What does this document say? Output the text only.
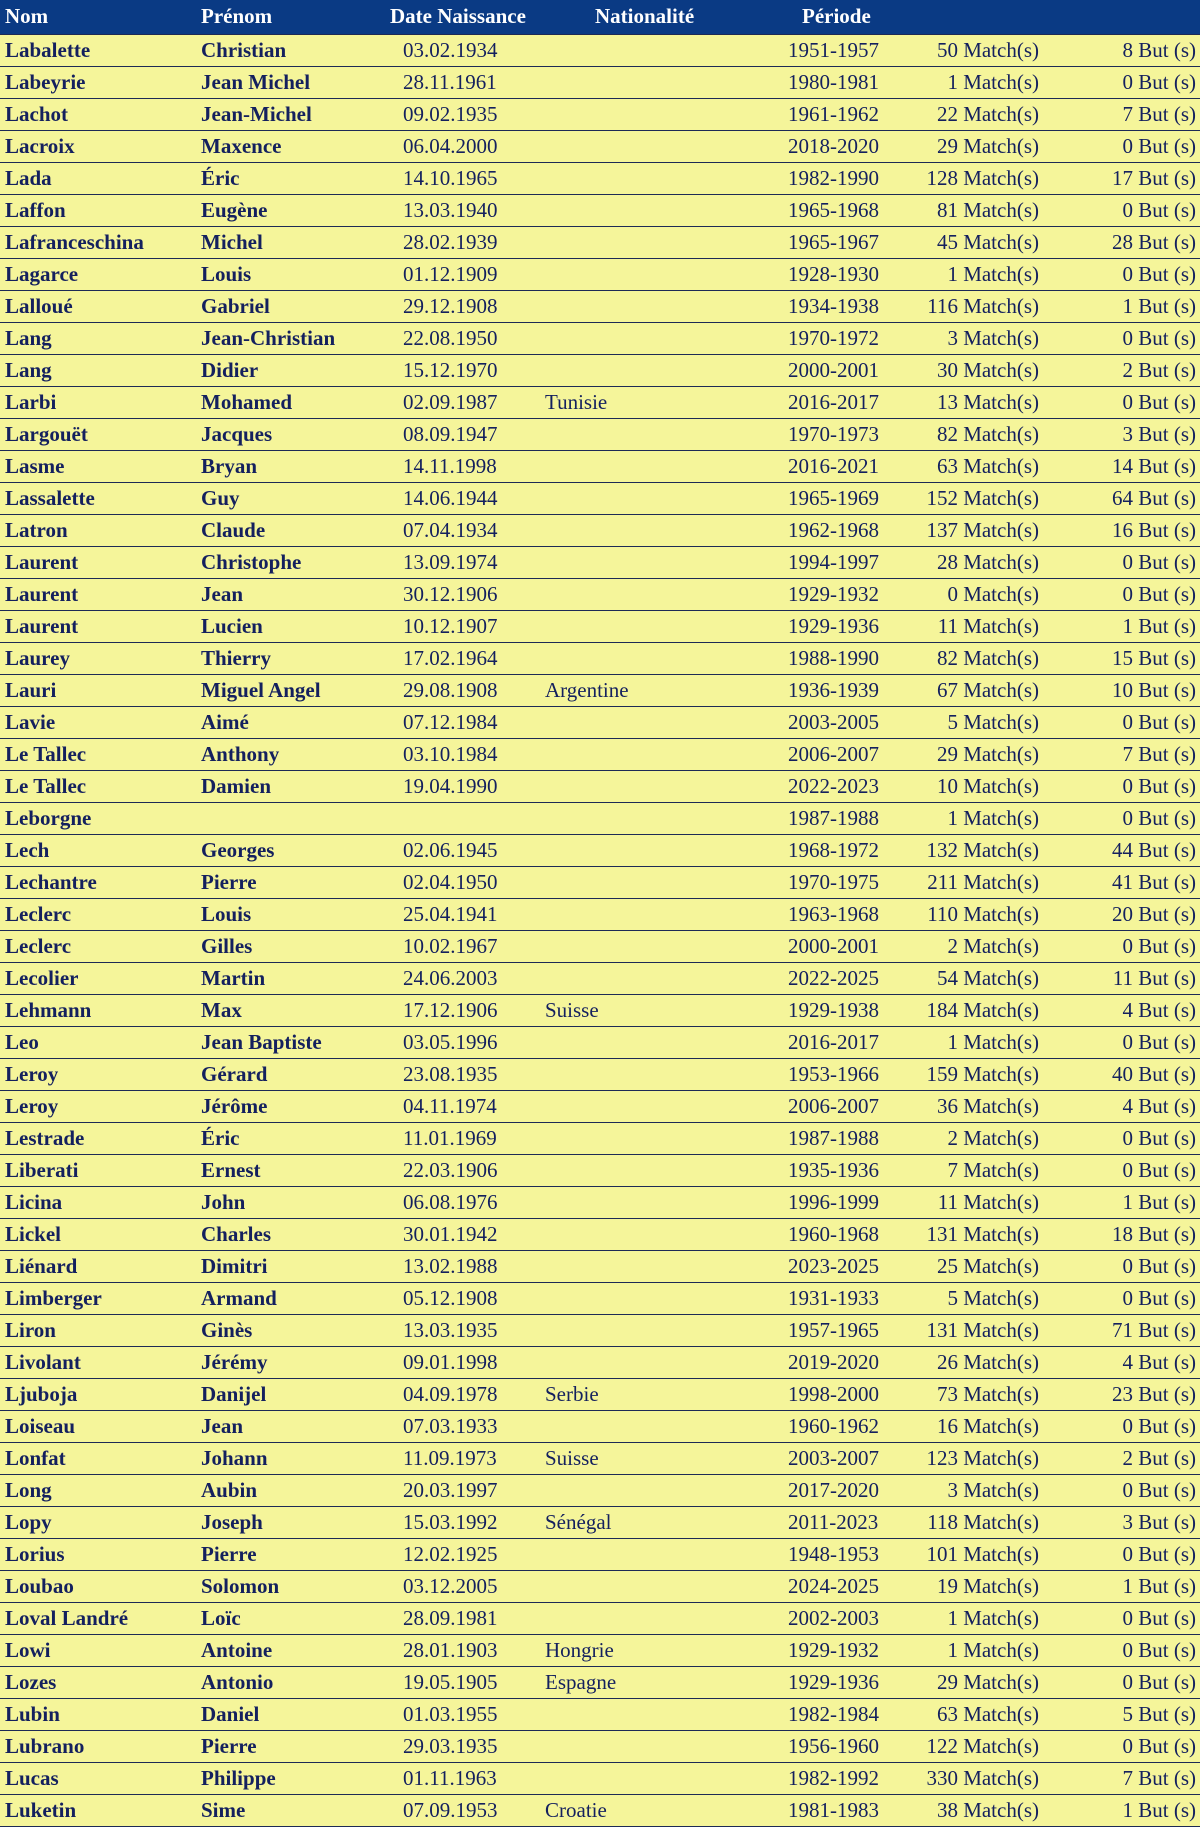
Nom	Prénom	Date Naissance	Nationalité	Période		
Labalette	Christian	03.02.1934		1951-1957	50 Match(s)	8 But (s)
Labeyrie	Jean Michel	28.11.1961		1980-1981	1 Match(s)	0 But (s)
Lachot	Jean-Michel	09.02.1935		1961-1962	22 Match(s)	7 But (s)
Lacroix	Maxence	06.04.2000		2018-2020	29 Match(s)	0 But (s)
Lada	Éric	14.10.1965		1982-1990	128 Match(s)	17 But (s)
Laffon	Eugène	13.03.1940		1965-1968	81 Match(s)	0 But (s)
Lafranceschina	Michel	28.02.1939		1965-1967	45 Match(s)	28 But (s)
Lagarce	Louis	01.12.1909		1928-1930	1 Match(s)	0 But (s)
Lalloué	Gabriel	29.12.1908		1934-1938	116 Match(s)	1 But (s)
Lang	Jean-Christian	22.08.1950		1970-1972	3 Match(s)	0 But (s)
Lang	Didier	15.12.1970		2000-2001	30 Match(s)	2 But (s)
Larbi	Mohamed	02.09.1987	Tunisie	2016-2017	13 Match(s)	0 But (s)
Largouët	Jacques	08.09.1947		1970-1973	82 Match(s)	3 But (s)
Lasme	Bryan	14.11.1998		2016-2021	63 Match(s)	14 But (s)
Lassalette	Guy	14.06.1944		1965-1969	152 Match(s)	64 But (s)
Latron	Claude	07.04.1934		1962-1968	137 Match(s)	16 But (s)
Laurent	Christophe	13.09.1974		1994-1997	28 Match(s)	0 But (s)
Laurent	Jean	30.12.1906		1929-1932	0 Match(s)	0 But (s)
Laurent	Lucien	10.12.1907		1929-1936	11 Match(s)	1 But (s)
Laurey	Thierry	17.02.1964		1988-1990	82 Match(s)	15 But (s)
Lauri	Miguel Angel	29.08.1908	Argentine	1936-1939	67 Match(s)	10 But (s)
Lavie	Aimé	07.12.1984		2003-2005	5 Match(s)	0 But (s)
Le Tallec	Anthony	03.10.1984		2006-2007	29 Match(s)	7 But (s)
Le Tallec	Damien	19.04.1990		2022-2023	10 Match(s)	0 But (s)
Leborgne				1987-1988	1 Match(s)	0 But (s)
Lech	Georges	02.06.1945		1968-1972	132 Match(s)	44 But (s)
Lechantre	Pierre	02.04.1950		1970-1975	211 Match(s)	41 But (s)
Leclerc	Louis	25.04.1941		1963-1968	110 Match(s)	20 But (s)
Leclerc	Gilles	10.02.1967		2000-2001	2 Match(s)	0 But (s)
Lecolier	Martin	24.06.2003		2022-2025	54 Match(s)	11 But (s)
Lehmann	Max	17.12.1906	Suisse	1929-1938	184 Match(s)	4 But (s)
Leo	Jean Baptiste	03.05.1996		2016-2017	1 Match(s)	0 But (s)
Leroy	Gérard	23.08.1935		1953-1966	159 Match(s)	40 But (s)
Leroy	Jérôme	04.11.1974		2006-2007	36 Match(s)	4 But (s)
Lestrade	Éric	11.01.1969		1987-1988	2 Match(s)	0 But (s)
Liberati	Ernest	22.03.1906		1935-1936	7 Match(s)	0 But (s)
Licina	John	06.08.1976		1996-1999	11 Match(s)	1 But (s)
Lickel	Charles	30.01.1942		1960-1968	131 Match(s)	18 But (s)
Liénard	Dimitri	13.02.1988		2023-2025	25 Match(s)	0 But (s)
Limberger	Armand	05.12.1908		1931-1933	5 Match(s)	0 But (s)
Liron	Ginès	13.03.1935		1957-1965	131 Match(s)	71 But (s)
Livolant	Jérémy	09.01.1998		2019-2020	26 Match(s)	4 But (s)
Ljuboja	Danijel	04.09.1978	Serbie	1998-2000	73 Match(s)	23 But (s)
Loiseau	Jean	07.03.1933		1960-1962	16 Match(s)	0 But (s)
Lonfat	Johann	11.09.1973	Suisse	2003-2007	123 Match(s)	2 But (s)
Long	Aubin	20.03.1997		2017-2020	3 Match(s)	0 But (s)
Lopy	Joseph	15.03.1992	Sénégal	2011-2023	118 Match(s)	3 But (s)
Lorius	Pierre	12.02.1925		1948-1953	101 Match(s)	0 But (s)
Loubao	Solomon	03.12.2005		2024-2025	19 Match(s)	1 But (s)
Loval Landré	Loïc	28.09.1981		2002-2003	1 Match(s)	0 But (s)
Lowi	Antoine	28.01.1903	Hongrie	1929-1932	1 Match(s)	0 But (s)
Lozes	Antonio	19.05.1905	Espagne	1929-1936	29 Match(s)	0 But (s)
Lubin	Daniel	01.03.1955		1982-1984	63 Match(s)	5 But (s)
Lubrano	Pierre	29.03.1935		1956-1960	122 Match(s)	0 But (s)
Lucas	Philippe	01.11.1963		1982-1992	330 Match(s)	7 But (s)
Luketin	Sime	07.09.1953	Croatie	1981-1983	38 Match(s)	1 But (s)
